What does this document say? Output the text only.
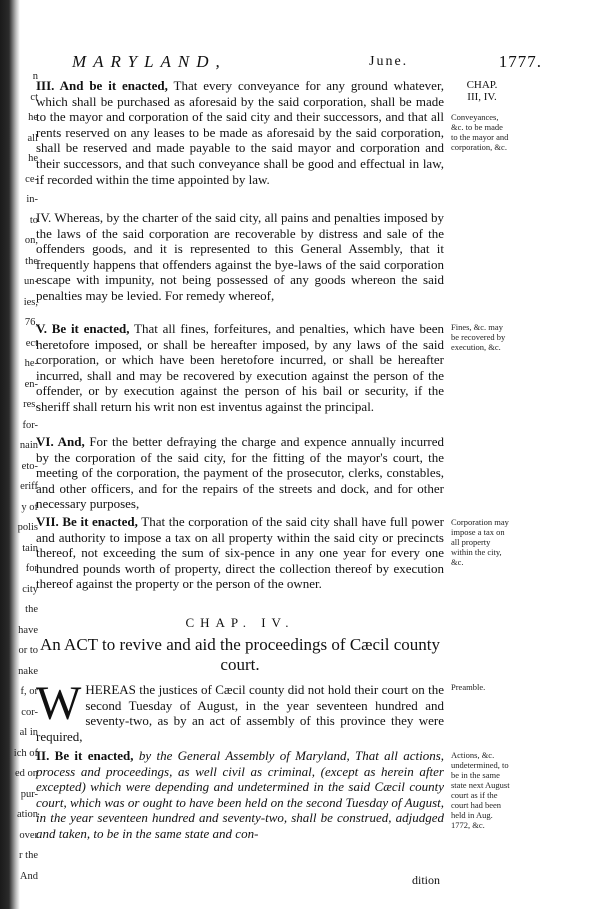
n
ct
he
all
he
ce-
in-
to
on,
the
un-
ies,
76,
ect
he-
en-
res,
for-
nain
eto-
eriff
y of
polis
tain
for
city
the
have
or to
nake
f, or
cor-
al in
ich of
ed on
pur-
ation
over
r the
And
MARYLAND,	June.	1777.
CHAP.
III, IV.

III. And be it enacted, That every conveyance for any ground whatever, which shall be purchased as aforesaid by the said corporation, shall be made to the mayor and corporation of the said city and their successors, and that all rents reserved on any leases to be made as aforesaid by the said corporation, shall be reserved and made payable to the said mayor and corporation and their successors, and that such conveyance shall be good and effectual in law, if recorded within the time appointed by law.

Conveyances, &c. to be made to the mayor and corporation, &c.

IV. Whereas, by the charter of the said city, all pains and penalties imposed by the laws of the said corporation are recoverable by distress and sale of the offenders goods, and it is represented to this General Assembly, that it frequently happens that offenders against the bye-laws of the said corporation escape with impunity, not being possessed of any goods whereon the said penalties may be levied. For remedy whereof,

V. Be it enacted, That all fines, forfeitures, and penalties, which have been heretofore imposed, or shall be hereafter imposed, by any laws of the said corporation, or which have been heretofore incurred, or shall be hereafter incurred, shall and may be recovered by execution against the person of the offender, or by execution against the person of his bail or security, if the sheriff shall return his writ non est inventus against the principal.

Fines, &c. may be recovered by execution, &c.

VI. And, For the better defraying the charge and expence annually incurred by the corporation of the said city, for the fitting of the mayor's court, the meeting of the corporation, the payment of the prosecutor, clerks, constables, and other officers, and for the repairs of the streets and dock, and for other necessary purposes,

VII. Be it enacted, That the corporation of the said city shall have full power and authority to impose a tax on all property within the said city or precincts thereof, not exceeding the sum of six-pence in any one year for every one hundred pounds worth of property, direct the collection thereof by execution thereof against the property or the person of the owner.

Corporation may impose a tax on all property within the city, &c.
CHAP. IV.
An ACT to revive and aid the proceedings of Cæcil county court.

WHEREAS the justices of Cæcil county did not hold their court on the second Tuesday of August, in the year seventeen hundred and seventy-two, as by an act of assembly of this province they were required,

Preamble.

II. Be it enacted, by the General Assembly of Maryland, That all actions, process and proceedings, as well civil as criminal, (except as herein after excepted) which were depending and undetermined in the said Cæcil county court, which was or ought to have been held on the second Tuesday of August, in the year seventeen hundred and seventy-two, shall be construed, adjudged and taken, to be in the same state and con-

Actions, &c. undetermined, to be in the same state next August court as if the court had been held in Aug. 1772, &c.
dition
